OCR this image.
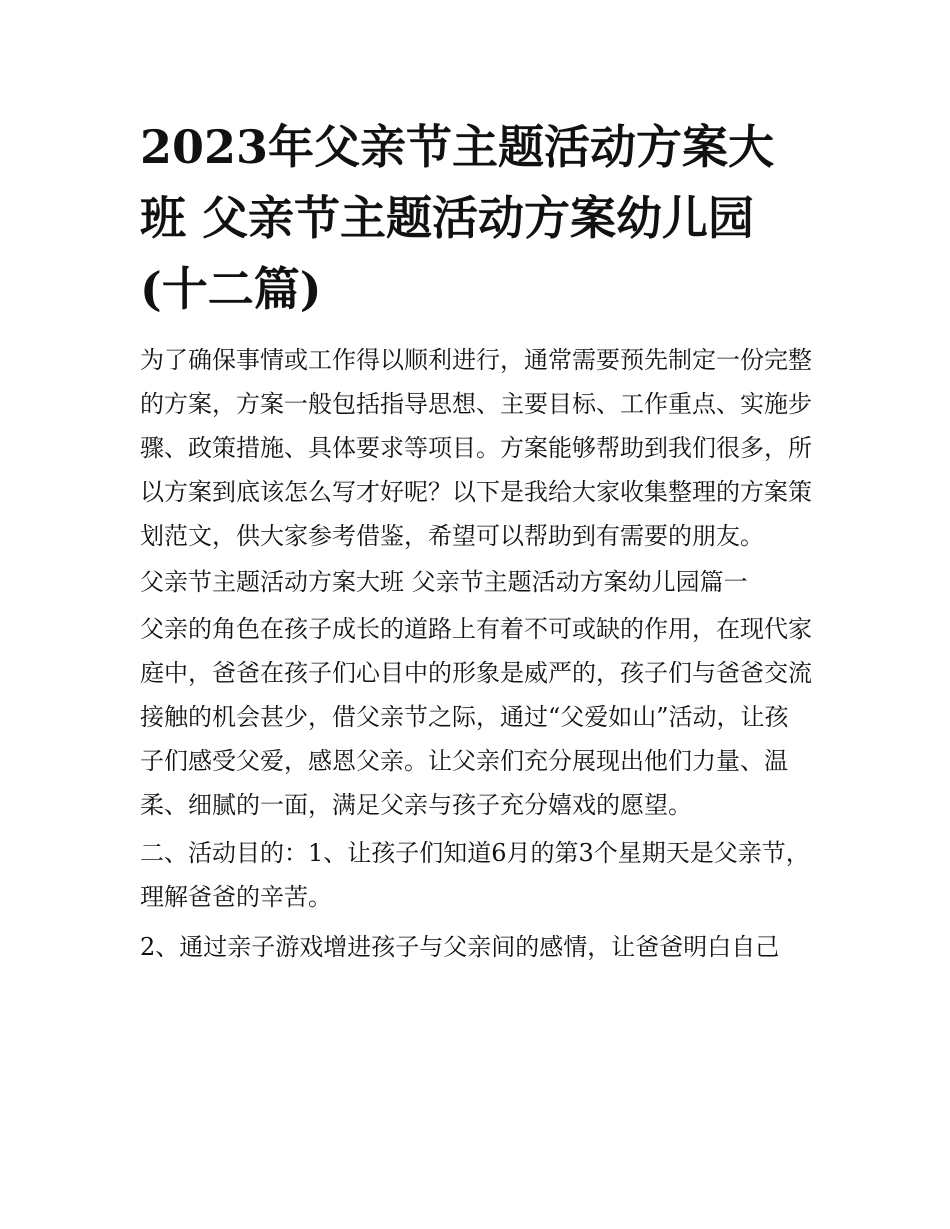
2023年父亲节主题活动方案大班 父亲节主题活动方案幼儿园(十二篇)

为了确保事情或工作得以顺利进行，通常需要预先制定一份完整的方案，方案一般包括指导思想、主要目标、工作重点、实施步骤、政策措施、具体要求等项目。方案能够帮助到我们很多，所以方案到底该怎么写才好呢？以下是我给大家收集整理的方案策划范文，供大家参考借鉴，希望可以帮助到有需要的朋友。

父亲节主题活动方案大班 父亲节主题活动方案幼儿园篇一

父亲的角色在孩子成长的道路上有着不可或缺的作用，在现代家庭中，爸爸在孩子们心目中的形象是威严的，孩子们与爸爸交流接触的机会甚少，借父亲节之际，通过“父爱如山”活动，让孩子们感受父爱，感恩父亲。让父亲们充分展现出他们力量、温柔、细腻的一面，满足父亲与孩子充分嬉戏的愿望。

二、活动目的：1、让孩子们知道6月的第3个星期天是父亲节，理解爸爸的辛苦。

2、通过亲子游戏增进孩子与父亲间的感情，让爸爸明白自己
